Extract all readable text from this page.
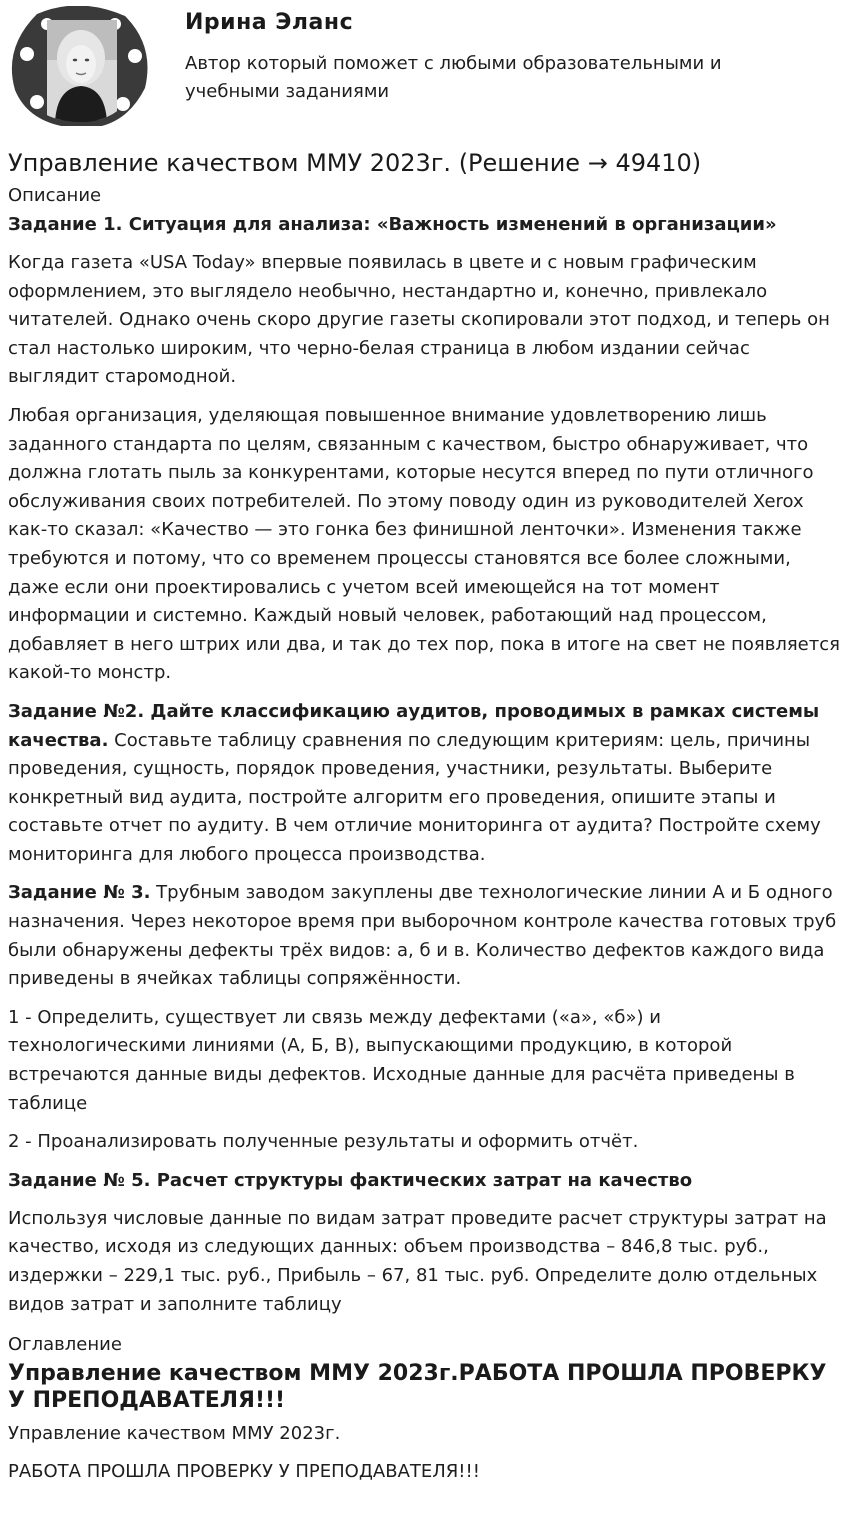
Ирина Эланс
Автор который поможет с любыми образовательными и учебными заданиями
Управление качеством ММУ 2023г. (Решение → 49410)
Описание

Задание 1. Ситуация для анализа: «Важность изменений в организации»

Когда газета «USA Today» впервые появилась в цвете и с новым графическим оформлением, это выглядело необычно, нестандартно и, конечно, привлекало читателей. Однако очень скоро другие газеты скопировали этот подход, и теперь он стал настолько широким, что черно-белая страница в любом издании сейчас выглядит старомодной.

Любая организация, уделяющая повышенное внимание удовлетворению лишь заданного стандарта по целям, связанным с качеством, быстро обнаруживает, что должна глотать пыль за конкурентами, которые несутся вперед по пути отличного обслуживания своих потребителей. По этому поводу один из руководителей Xerox как-то сказал: «Качество — это гонка без финишной ленточки». Изменения также требуются и потому, что со временем процессы становятся все более сложными, даже если они проектировались с учетом всей имеющейся на тот момент информации и системно. Каждый новый человек, работающий над процессом, добавляет в него штрих или два, и так до тех пор, пока в итоге на свет не появляется какой-то монстр.

Задание №2. Дайте классификацию аудитов, проводимых в рамках системы качества. Составьте таблицу сравнения по следующим критериям: цель, причины проведения, сущность, порядок проведения, участники, результаты. Выберите конкретный вид аудита, постройте алгоритм его проведения, опишите этапы и составьте отчет по аудиту. В чем отличие мониторинга от аудита? Постройте схему мониторинга для любого процесса производства.

Задание № 3. Трубным заводом закуплены две технологические линии А и Б одного назначения. Через некоторое время при выборочном контроле качества готовых труб были обнаружены дефекты трёх видов: а, б и в. Количество дефектов каждого вида приведены в ячейках таблицы сопряжённости.

1 - Определить, существует ли связь между дефектами («а», «б») и технологическими линиями (А, Б, В), выпускающими продукцию, в которой встречаются данные виды дефектов. Исходные данные для расчёта приведены в таблице

2 - Проанализировать полученные результаты и оформить отчёт.

Задание № 5. Расчет структуры фактических затрат на качество

Используя числовые данные по видам затрат проведите расчет структуры затрат на качество, исходя из следующих данных: объем производства – 846,8 тыс. руб., издержки – 229,1 тыс. руб., Прибыль – 67, 81 тыс. руб. Определите долю отдельных видов затрат и заполните таблицу

Оглавление
Управление качеством ММУ 2023г.РАБОТА ПРОШЛА ПРОВЕРКУ У ПРЕПОДАВАТЕЛЯ!!!
Управление качеством ММУ 2023г.
РАБОТА ПРОШЛА ПРОВЕРКУ У ПРЕПОДАВАТЕЛЯ!!!
